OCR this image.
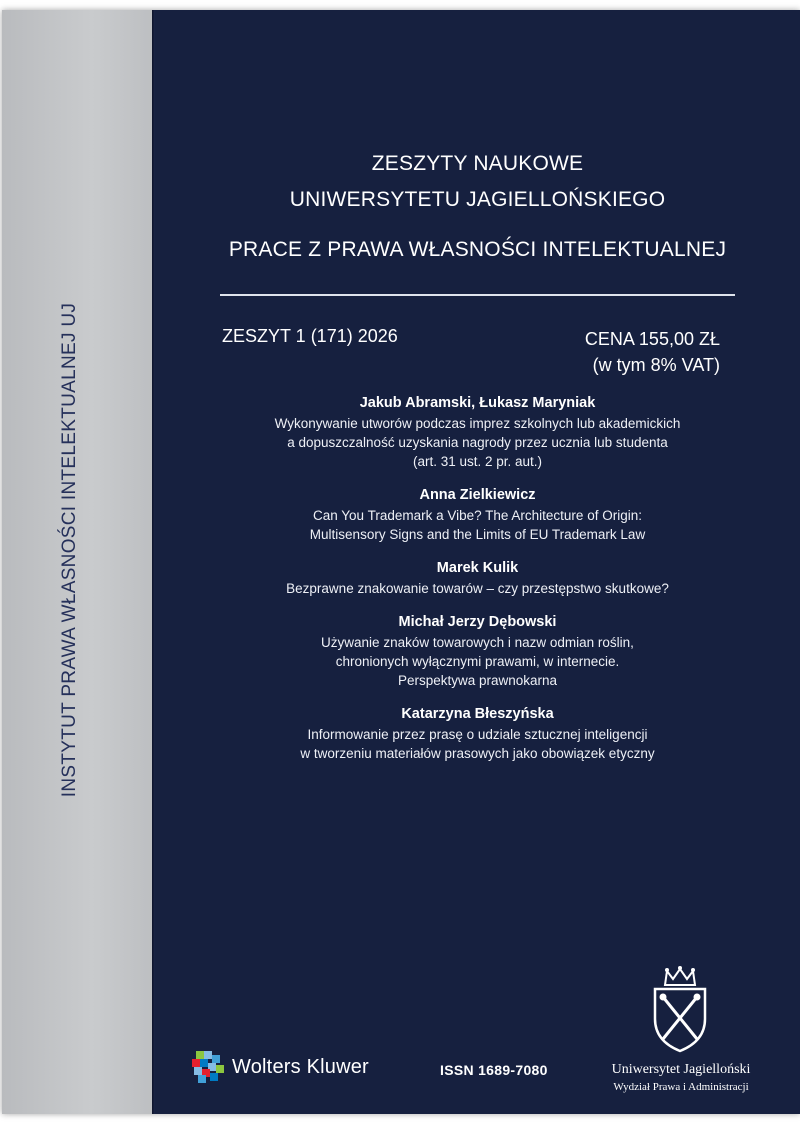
INSTYTUT PRAWA WŁASNOŚCI INTELEKTUALNEJ UJ
ZESZYTY NAUKOWE
UNIWERSYTETU JAGIELLOŃSKIEGO
PRACE Z PRAWA WŁASNOŚCI INTELEKTUALNEJ
ZESZYT 1 (171) 2026	CENA 155,00 ZŁ
(w tym 8% VAT)
Jakub Abramski, Łukasz Maryniak
Wykonywanie utworów podczas imprez szkolnych lub akademickich
a dopuszczalność uzyskania nagrody przez ucznia lub studenta
(art. 31 ust. 2 pr. aut.)
Anna Zielkiewicz
Can You Trademark a Vibe? The Architecture of Origin:
Multisensory Signs and the Limits of EU Trademark Law
Marek Kulik
Bezprawne znakowanie towarów – czy przestępstwo skutkowe?
Michał Jerzy Dębowski
Używanie znaków towarowych i nazw odmian roślin,
chronionych wyłącznymi prawami, w internecie.
Perspektywa prawnokarna
Katarzyna Błeszyńska
Informowanie przez prasę o udziale sztucznej inteligencji
w tworzeniu materiałów prasowych jako obowiązek etyczny
Wolters Kluwer	ISSN 1689-7080	Uniwersytet Jagielloński
Wydział Prawa i Administracji
